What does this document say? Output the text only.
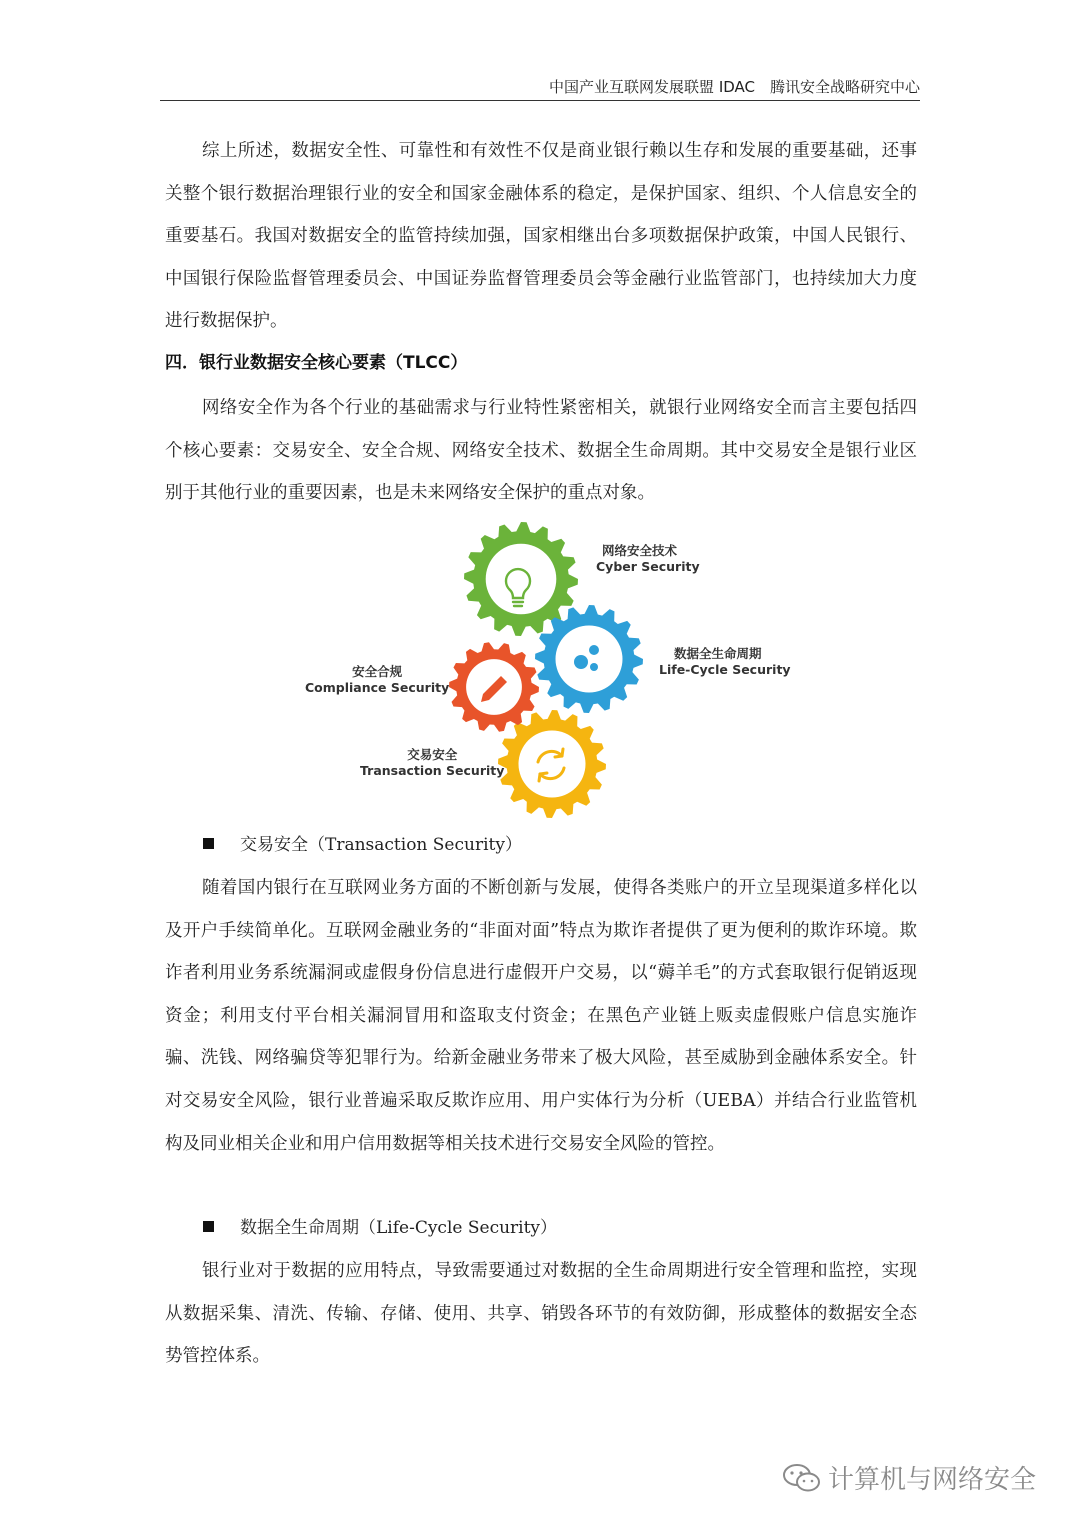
中国产业互联网发展联盟 IDAC　腾讯安全战略研究中心

综上所述，数据安全性、可靠性和有效性不仅是商业银行赖以生存和发展的重要基础，还事关整个银行数据治理银行业的安全和国家金融体系的稳定，是保护国家、组织、个人信息安全的重要基石。我国对数据安全的监管持续加强，国家相继出台多项数据保护政策，中国人民银行、中国银行保险监督管理委员会、中国证券监督管理委员会等金融行业监管部门，也持续加大力度进行数据保护。

四．银行业数据安全核心要素（TLCC）

网络安全作为各个行业的基础需求与行业特性紧密相关，就银行业网络安全而言主要包括四个核心要素：交易安全、安全合规、网络安全技术、数据全生命周期。其中交易安全是银行业区别于其他行业的重要因素，也是未来网络安全保护的重点对象。

网络安全技术
Cyber Security
数据全生命周期
Life-Cycle Security
安全合规
Compliance Security
交易安全
Transaction Security
交易安全（Transaction Security）

随着国内银行在互联网业务方面的不断创新与发展，使得各类账户的开立呈现渠道多样化以及开户手续简单化。互联网金融业务的“非面对面”特点为欺诈者提供了更为便利的欺诈环境。欺诈者利用业务系统漏洞或虚假身份信息进行虚假开户交易，以“薅羊毛”的方式套取银行促销返现资金；利用支付平台相关漏洞冒用和盗取支付资金；在黑色产业链上贩卖虚假账户信息实施诈骗、洗钱、网络骗贷等犯罪行为。给新金融业务带来了极大风险，甚至威胁到金融体系安全。针对交易安全风险，银行业普遍采取反欺诈应用、用户实体行为分析（UEBA）并结合行业监管机构及同业相关企业和用户信用数据等相关技术进行交易安全风险的管控。

数据全生命周期（Life-Cycle Security）

银行业对于数据的应用特点，导致需要通过对数据的全生命周期进行安全管理和监控，实现从数据采集、清洗、传输、存储、使用、共享、销毁各环节的有效防御，形成整体的数据安全态势管控体系。

计算机与网络安全
